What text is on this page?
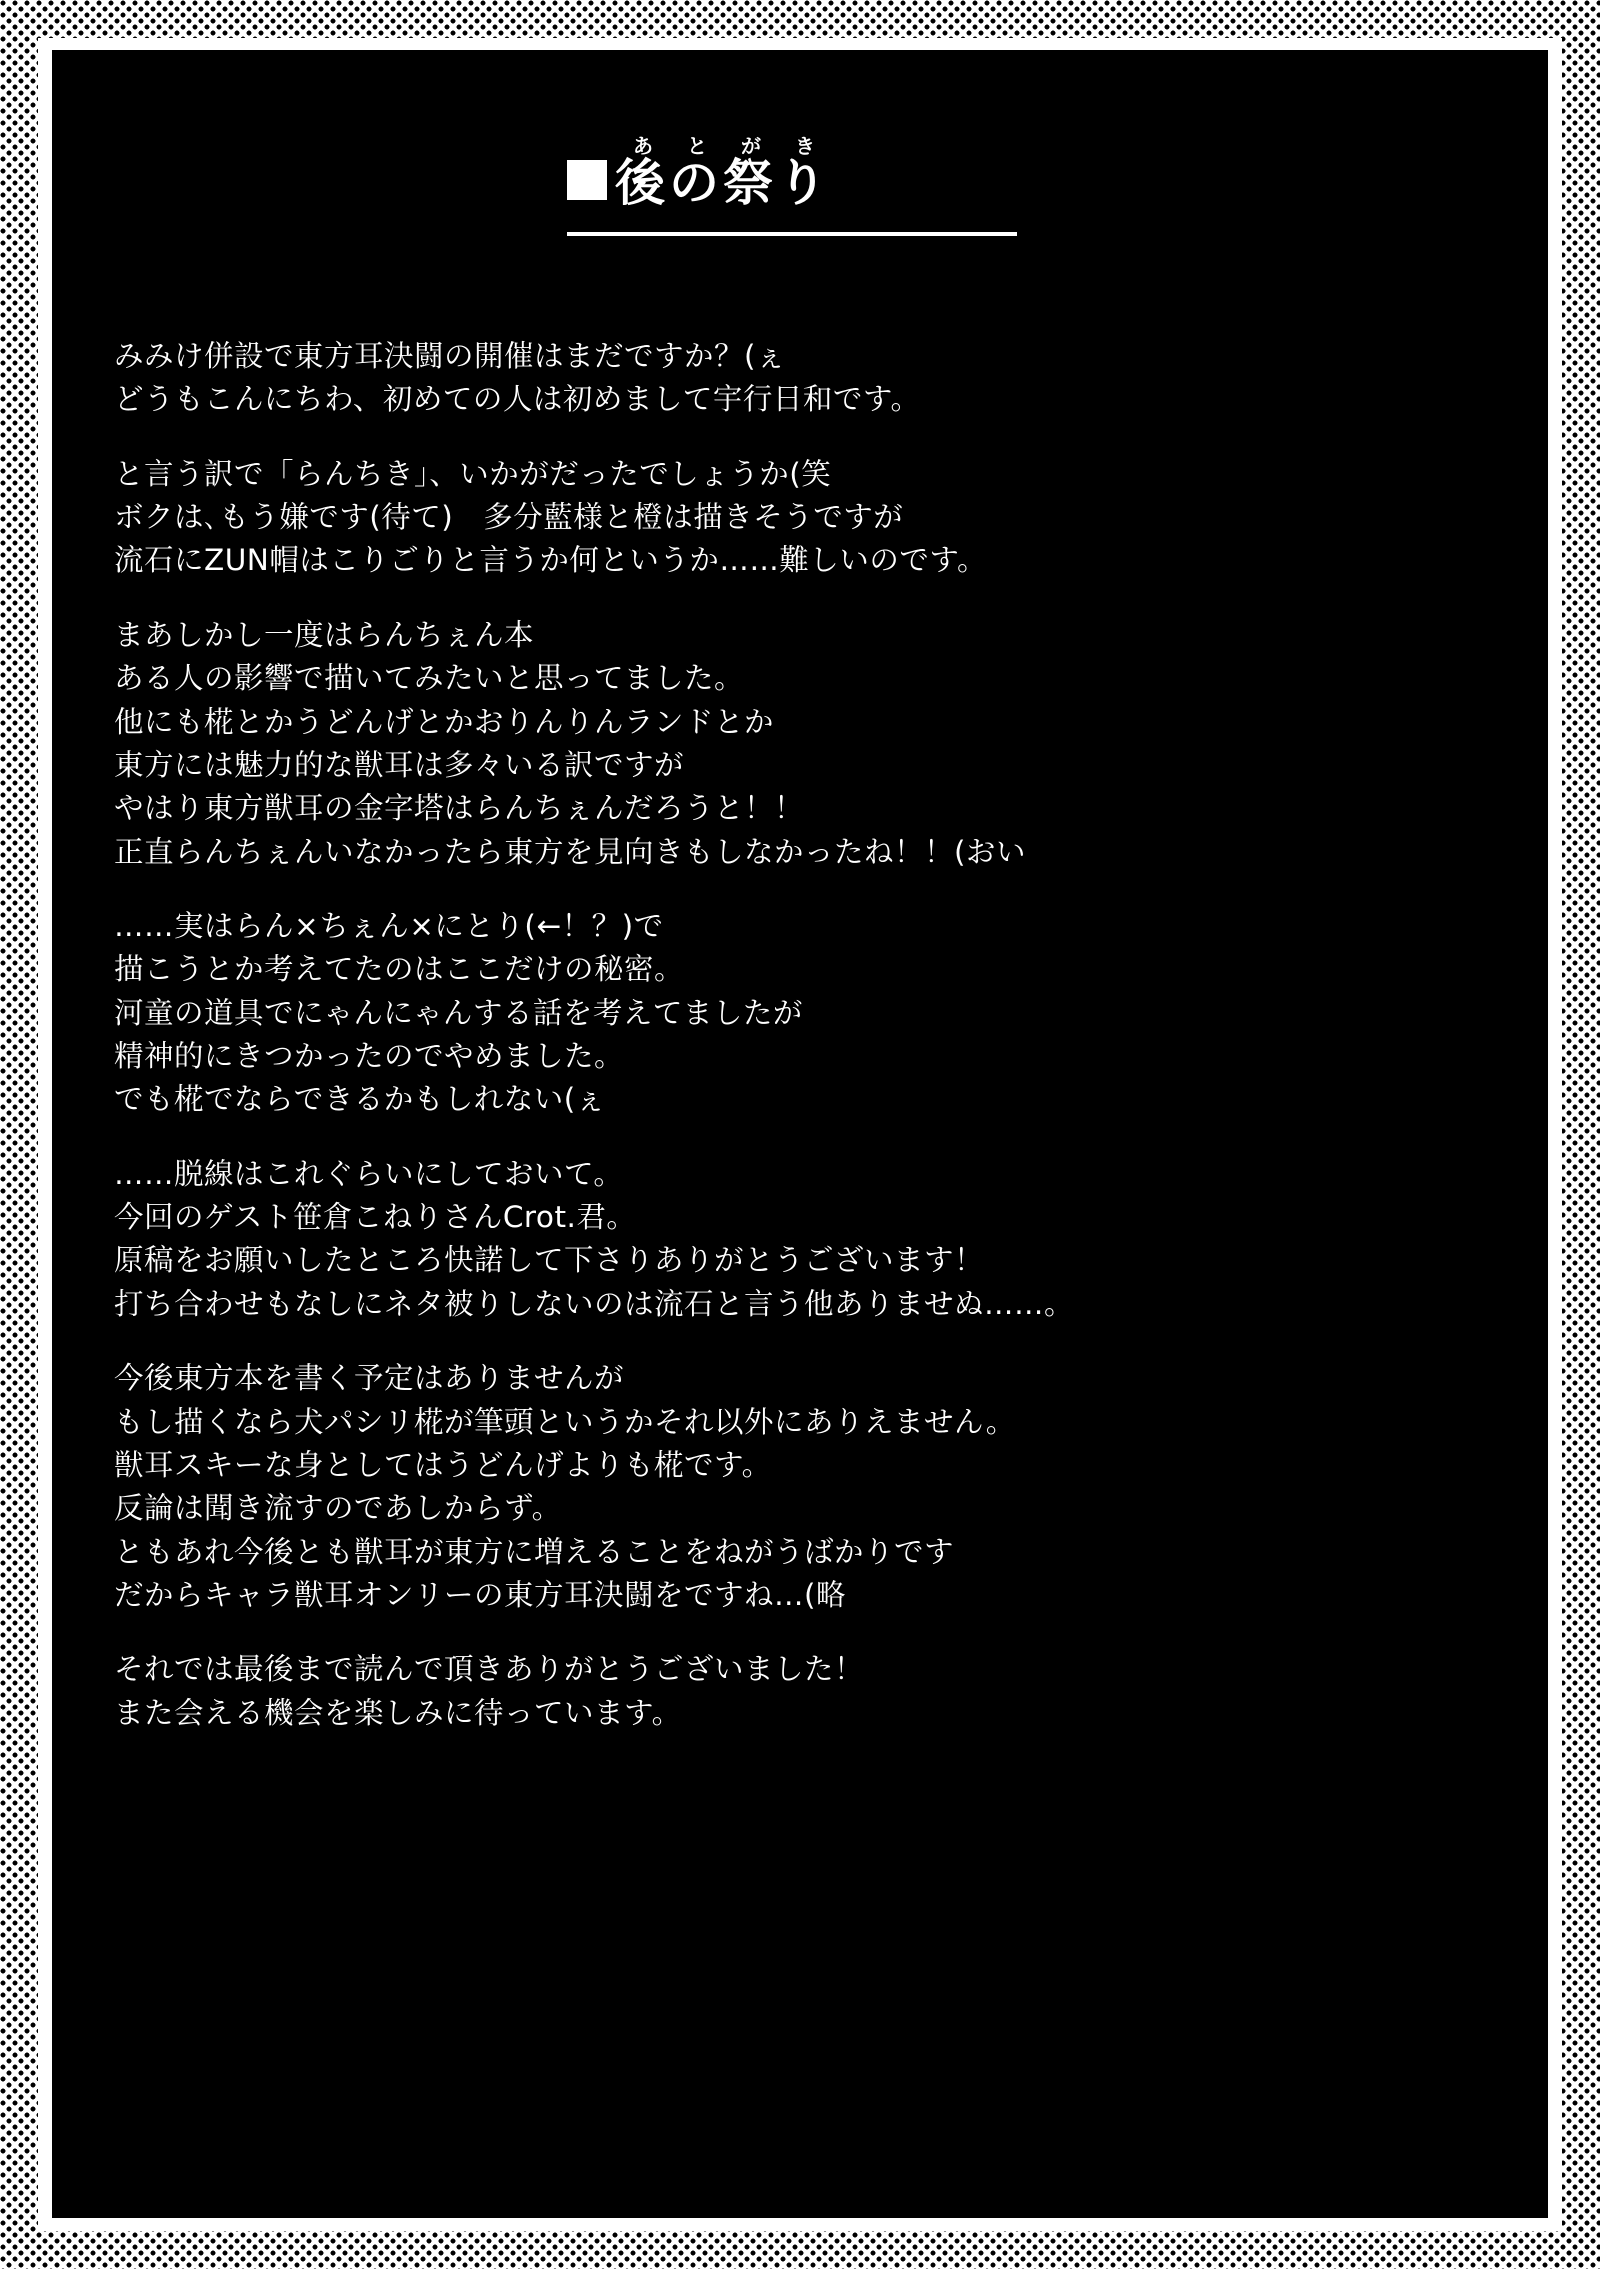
あ と が き
後の祭り
みみけ併設で東方耳決闘の開催はまだですか？(ぇ
どうもこんにちわ、初めての人は初めまして宇行日和です。
と言う訳で「らんちき」、いかがだったでしょうか(笑
ボクは､もう嫌です(待て)　多分藍様と橙は描きそうですが
流石にZUN帽はこりごりと言うか何というか……難しいのです。
まあしかし一度はらんちぇん本
ある人の影響で描いてみたいと思ってました。
他にも椛とかうどんげとかおりんりんランドとか
東方には魅力的な獣耳は多々いる訳ですが
やはり東方獣耳の金字塔はらんちぇんだろうと！！
正直らんちぇんいなかったら東方を見向きもしなかったね！！(おい
……実はらん×ちぇん×にとり(←！？)で
描こうとか考えてたのはここだけの秘密。
河童の道具でにゃんにゃんする話を考えてましたが
精神的にきつかったのでやめました。
でも椛でならできるかもしれない(ぇ
……脱線はこれぐらいにしておいて。
今回のゲスト笹倉こねりさんCrot.君。
原稿をお願いしたところ快諾して下さりありがとうございます！
打ち合わせもなしにネタ被りしないのは流石と言う他ありませぬ……。
今後東方本を書く予定はありませんが
もし描くなら犬パシリ椛が筆頭というかそれ以外にありえません。
獣耳スキーな身としてはうどんげよりも椛です。
反論は聞き流すのであしからず。
ともあれ今後とも獣耳が東方に増えることをねがうばかりです
だからキャラ獣耳オンリーの東方耳決闘をですね…(略
それでは最後まで読んで頂きありがとうございました！
また会える機会を楽しみに待っています。
